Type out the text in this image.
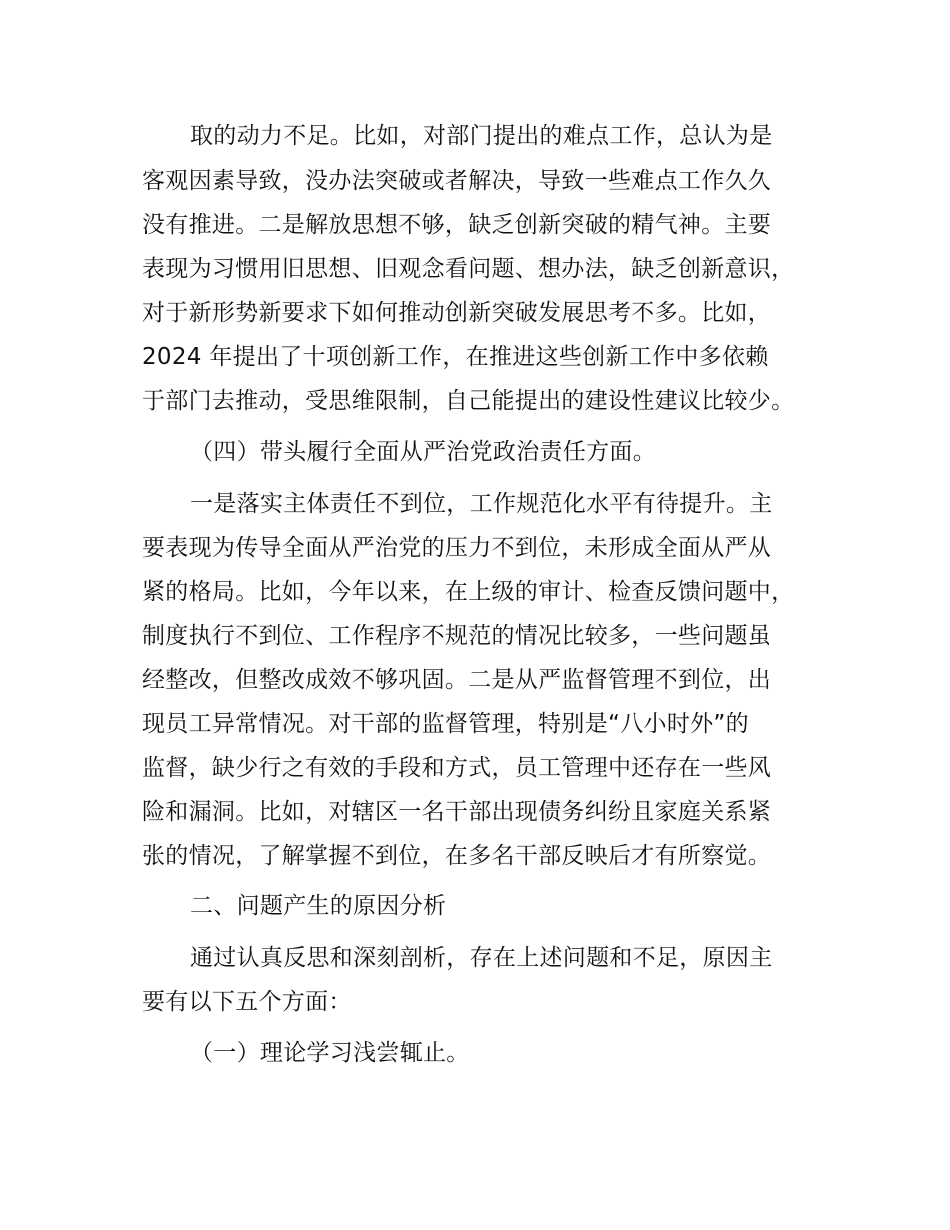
取的动力不足。比如，对部门提出的难点工作，总认为是
客观因素导致，没办法突破或者解决，导致一些难点工作久久
没有推进。二是解放思想不够，缺乏创新突破的精气神。主要
表现为习惯用旧思想、旧观念看问题、想办法，缺乏创新意识，
对于新形势新要求下如何推动创新突破发展思考不多。比如，
2024 年提出了十项创新工作，在推进这些创新工作中多依赖
于部门去推动，受思维限制，自己能提出的建设性建议比较少。
（四）带头履行全面从严治党政治责任方面。
一是落实主体责任不到位，工作规范化水平有待提升。主
要表现为传导全面从严治党的压力不到位，未形成全面从严从
紧的格局。比如，今年以来，在上级的审计、检查反馈问题中，
制度执行不到位、工作程序不规范的情况比较多，一些问题虽
经整改，但整改成效不够巩固。二是从严监督管理不到位，出
现员工异常情况。对干部的监督管理，特别是“八小时外”的
监督，缺少行之有效的手段和方式，员工管理中还存在一些风
险和漏洞。比如，对辖区一名干部出现债务纠纷且家庭关系紧
张的情况，了解掌握不到位，在多名干部反映后才有所察觉。
二、问题产生的原因分析
通过认真反思和深刻剖析，存在上述问题和不足，原因主
要有以下五个方面：
（一）理论学习浅尝辄止。
